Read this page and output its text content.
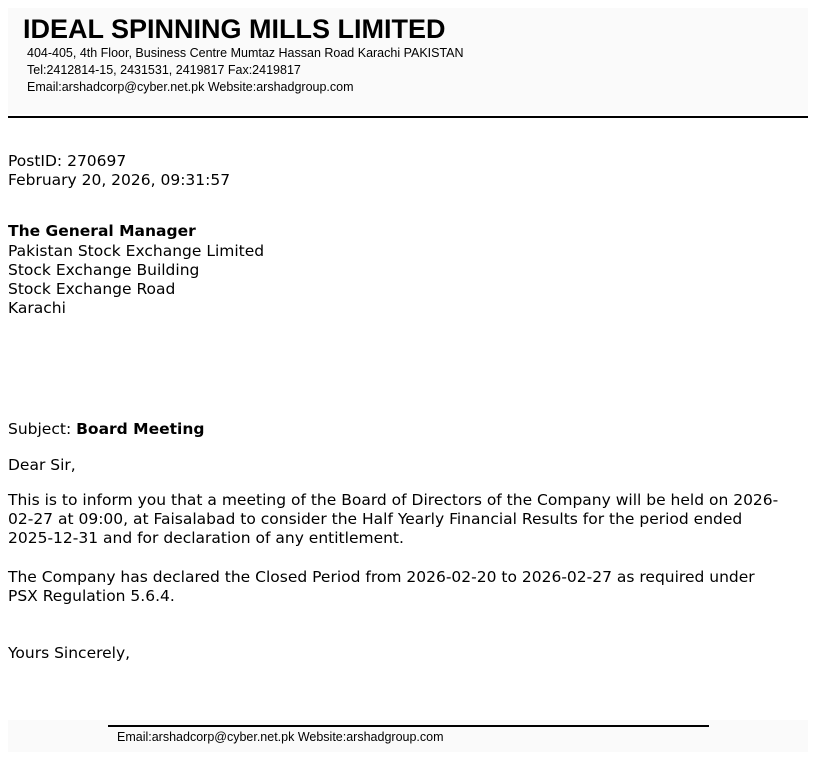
IDEAL SPINNING MILLS LIMITED
404-405, 4th Floor, Business Centre Mumtaz Hassan Road Karachi PAKISTAN
Tel:2412814-15, 2431531, 2419817 Fax:2419817
Email:arshadcorp@cyber.net.pk Website:arshadgroup.com
PostID: 270697
February 20, 2026, 09:31:57
The General Manager
Pakistan Stock Exchange Limited
Stock Exchange Building
Stock Exchange Road
Karachi
Subject: Board Meeting
Dear Sir,
This is to inform you that a meeting of the Board of Directors of the Company will be held on 2026-02-27 at 09:00, at Faisalabad to consider the Half Yearly Financial Results for the period ended 2025-12-31 and for declaration of any entitlement.
The Company has declared the Closed Period from 2026-02-20 to 2026-02-27 as required under PSX Regulation 5.6.4.
Yours Sincerely,
Email:arshadcorp@cyber.net.pk Website:arshadgroup.com
